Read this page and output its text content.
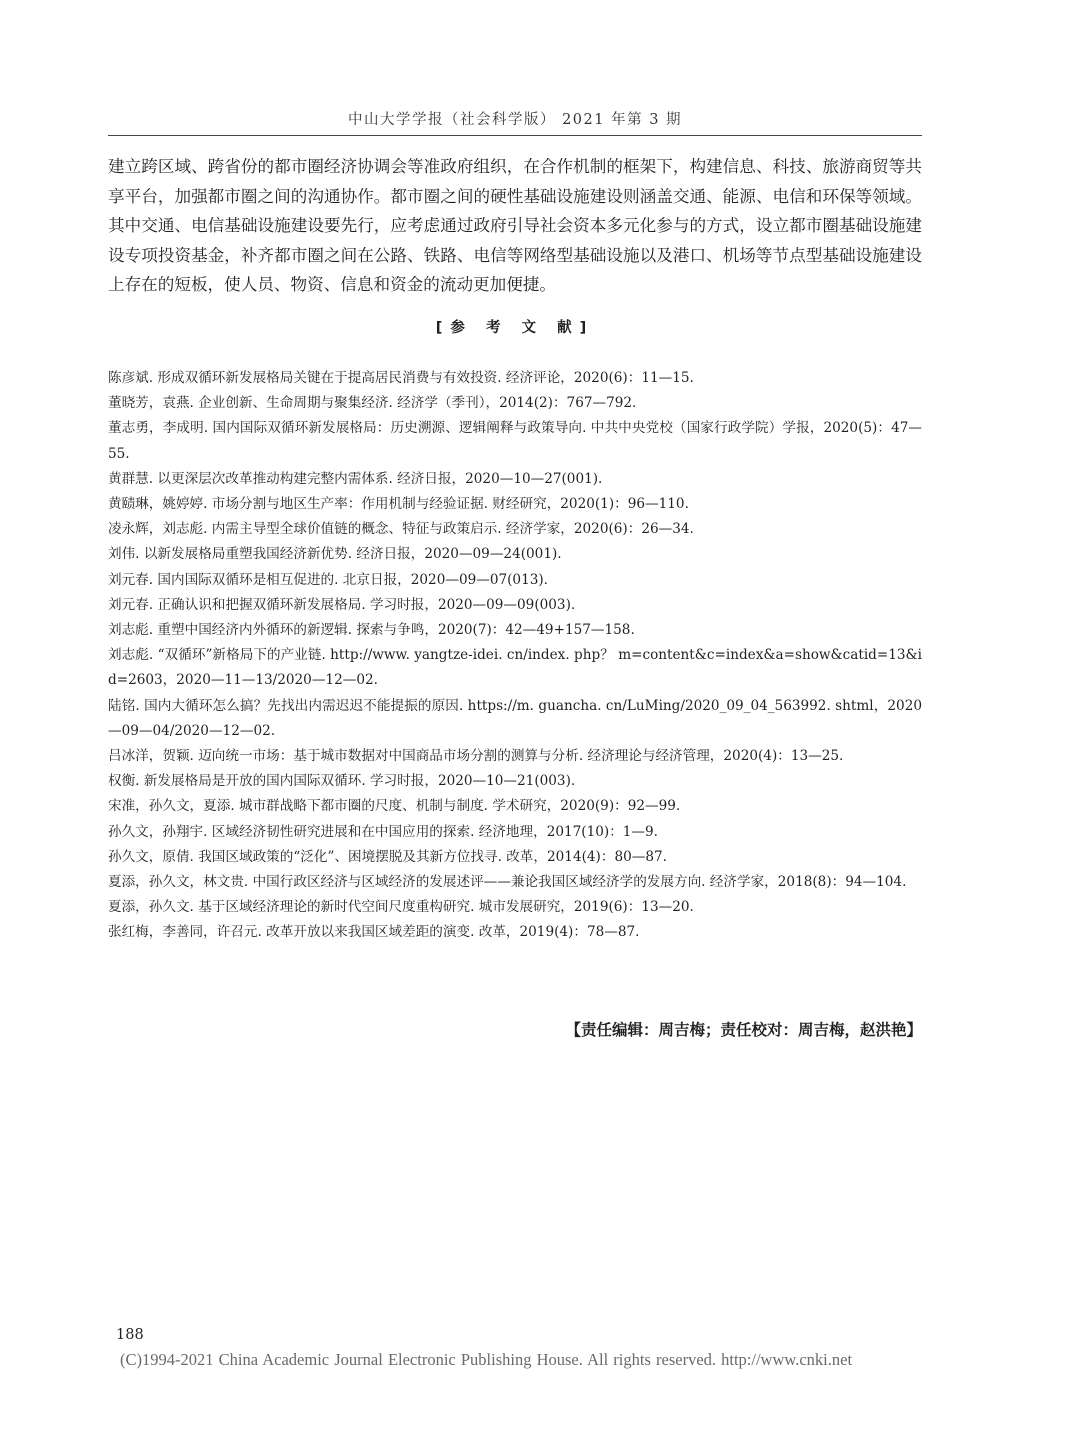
中山大学学报（社会科学版） 2021 年第 3 期

建立跨区域、跨省份的都市圈经济协调会等准政府组织，在合作机制的框架下，构建信息、科技、旅游商贸等共享平台，加强都市圈之间的沟通协作。都市圈之间的硬性基础设施建设则涵盖交通、能源、电信和环保等领域。其中交通、电信基础设施建设要先行，应考虑通过政府引导社会资本多元化参与的方式，设立都市圈基础设施建设专项投资基金，补齐都市圈之间在公路、铁路、电信等网络型基础设施以及港口、机场等节点型基础设施建设上存在的短板，使人员、物资、信息和资金的流动更加便捷。

[参 考 文 献]
陈彦斌. 形成双循环新发展格局关键在于提高居民消费与有效投资. 经济评论，2020(6)：11—15.
董晓芳，袁燕. 企业创新、生命周期与聚集经济. 经济学（季刊），2014(2)：767—792.
董志勇，李成明. 国内国际双循环新发展格局：历史溯源、逻辑阐释与政策导向. 中共中央党校（国家行政学院）学报，2020(5)：47—55.
黄群慧. 以更深层次改革推动构建完整内需体系. 经济日报，2020—10—27(001).
黄赜琳，姚婷婷. 市场分割与地区生产率：作用机制与经验证据. 财经研究，2020(1)：96—110.
凌永辉，刘志彪. 内需主导型全球价值链的概念、特征与政策启示. 经济学家，2020(6)：26—34.
刘伟. 以新发展格局重塑我国经济新优势. 经济日报，2020—09—24(001).
刘元春. 国内国际双循环是相互促进的. 北京日报，2020—09—07(013).
刘元春. 正确认识和把握双循环新发展格局. 学习时报，2020—09—09(003).
刘志彪. 重塑中国经济内外循环的新逻辑. 探索与争鸣，2020(7)：42—49+157—158.
刘志彪. “双循环”新格局下的产业链. http://www. yangtze-idei. cn/index. php？ m=content&c=index&a=show&catid=13&id=2603，2020—11—13/2020—12—02.
陆铭. 国内大循环怎么搞？先找出内需迟迟不能提振的原因. https://m. guancha. cn/LuMing/2020_09_04_563992. shtml，2020—09—04/2020—12—02.
吕冰洋，贺颖. 迈向统一市场：基于城市数据对中国商品市场分割的测算与分析. 经济理论与经济管理，2020(4)：13—25.
权衡. 新发展格局是开放的国内国际双循环. 学习时报，2020—10—21(003).
宋准，孙久文，夏添. 城市群战略下都市圈的尺度、机制与制度. 学术研究，2020(9)：92—99.
孙久文，孙翔宇. 区域经济韧性研究进展和在中国应用的探索. 经济地理，2017(10)：1—9.
孙久文，原倩. 我国区域政策的“泛化”、困境摆脱及其新方位找寻. 改革，2014(4)：80—87.
夏添，孙久文，林文贵. 中国行政区经济与区域经济的发展述评——兼论我国区域经济学的发展方向. 经济学家，2018(8)：94—104.
夏添，孙久文. 基于区域经济理论的新时代空间尺度重构研究. 城市发展研究，2019(6)：13—20.
张红梅，李善同，许召元. 改革开放以来我国区域差距的演变. 改革，2019(4)：78—87.
【责任编辑：周吉梅；责任校对：周吉梅，赵洪艳】
188
(C)1994-2021 China Academic Journal Electronic Publishing House. All rights reserved. http://www.cnki.net
